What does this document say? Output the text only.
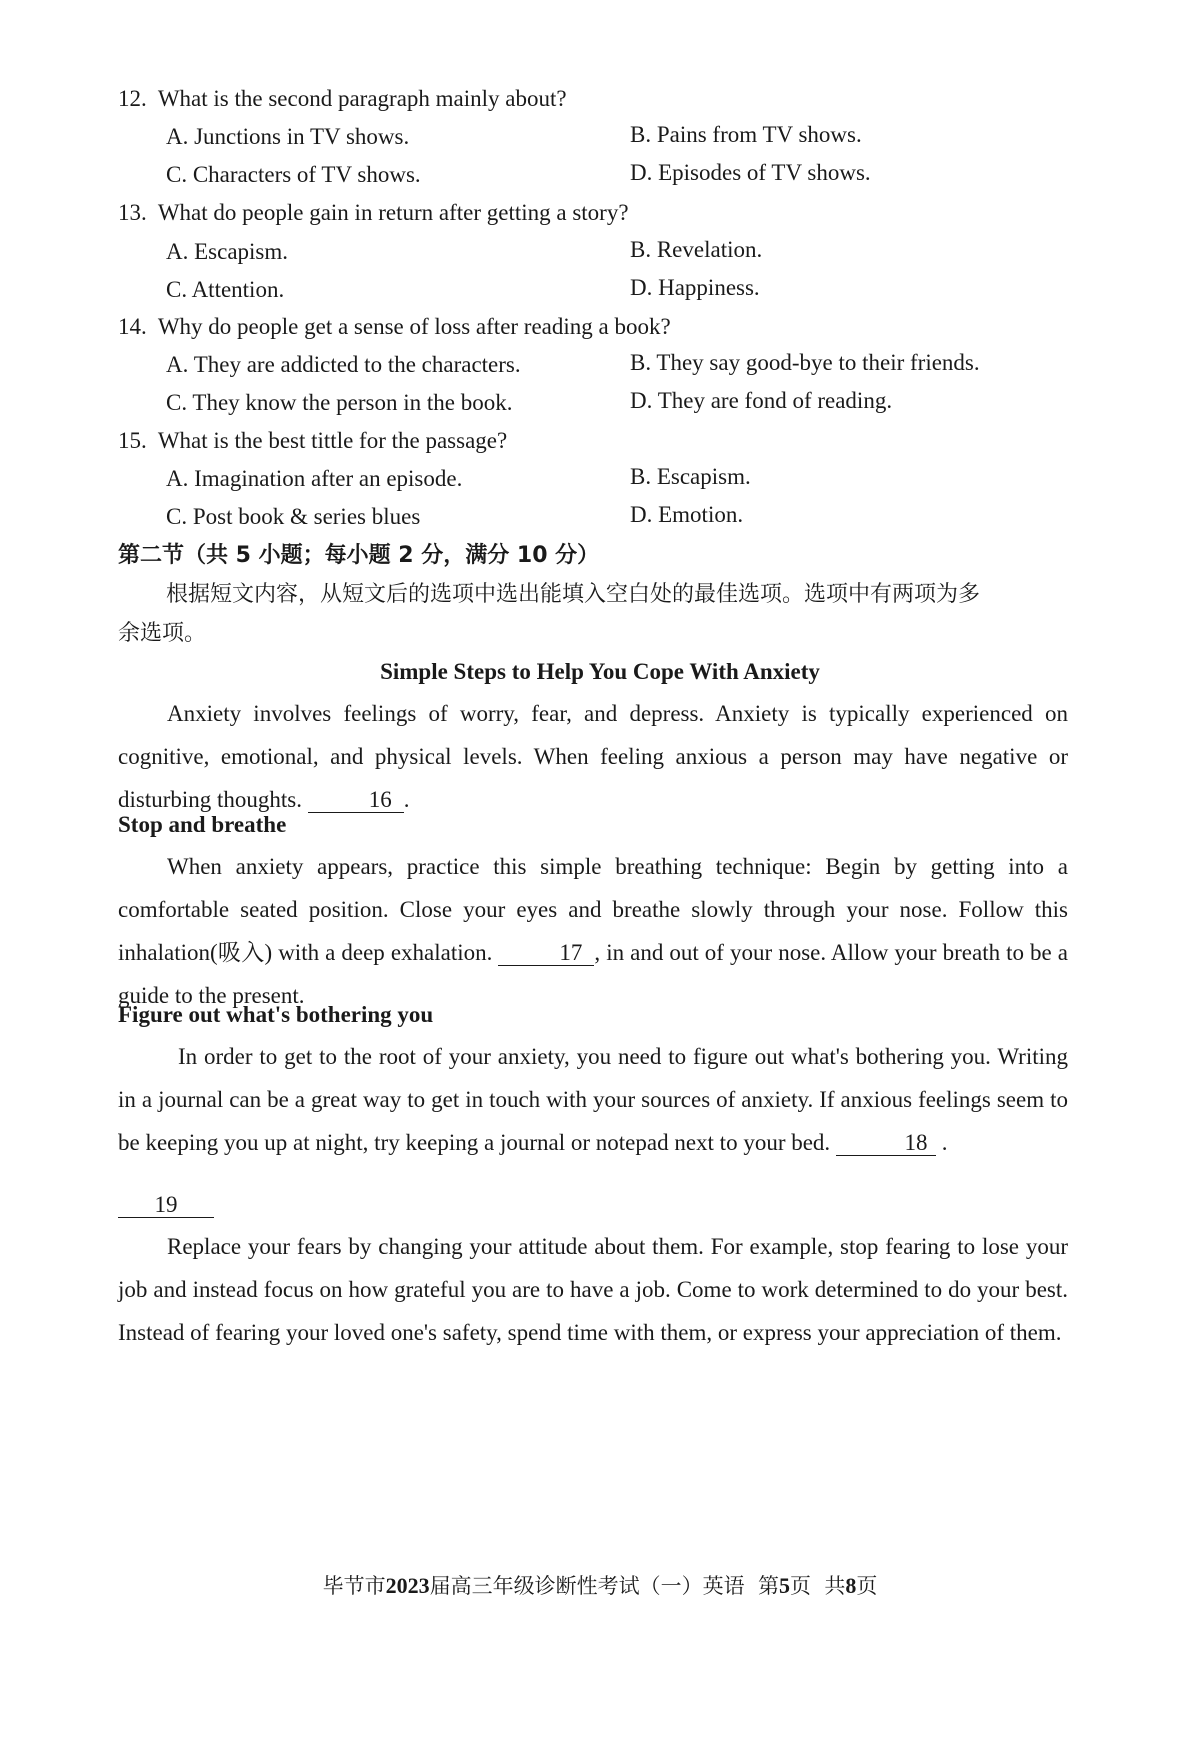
12. What is the second paragraph mainly about?
A. Junctions in TV shows.	B. Pains from TV shows.
C. Characters of TV shows.	D. Episodes of TV shows.
13. What do people gain in return after getting a story?
A. Escapism.	B. Revelation.
C. Attention.	D. Happiness.
14. Why do people get a sense of loss after reading a book?
A. They are addicted to the characters.	B. They say good-bye to their friends.
C. They know the person in the book.	D. They are fond of reading.
15. What is the best tittle for the passage?
A. Imagination after an episode.	B. Escapism.
C. Post book & series blues	D. Emotion.
第二节（共 5 小题；每小题 2 分，满分 10 分）
根据短文内容，从短文后的选项中选出能填入空白处的最佳选项。选项中有两项为多
余选项。
Simple Steps to Help You Cope With Anxiety
Anxiety involves feelings of worry, fear, and depress. Anxiety is typically experienced on cognitive, emotional, and physical levels. When feeling anxious a person may have negative or disturbing thoughts.	16 .
Stop and breathe
When anxiety appears, practice this simple breathing technique: Begin by getting into a comfortable seated position. Close your eyes and breathe slowly through your nose. Follow this inhalation(吸入) with a deep exhalation.	17 , in and out of your nose. Allow your breath to be a guide to the present.
Figure out what's bothering you
In order to get to the root of your anxiety, you need to figure out what's bothering you. Writing in a journal can be a great way to get in touch with your sources of anxiety. If anxious feelings seem to be keeping you up at night, try keeping a journal or notepad next to your bed.	18 .
19
Replace your fears by changing your attitude about them. For example, stop fearing to lose your job and instead focus on how grateful you are to have a job. Come to work determined to do your best. Instead of fearing your loved one's safety, spend time with them, or express your appreciation of them.
毕节市2023届高三年级诊断性考试（一）英语 第5页 共8页
